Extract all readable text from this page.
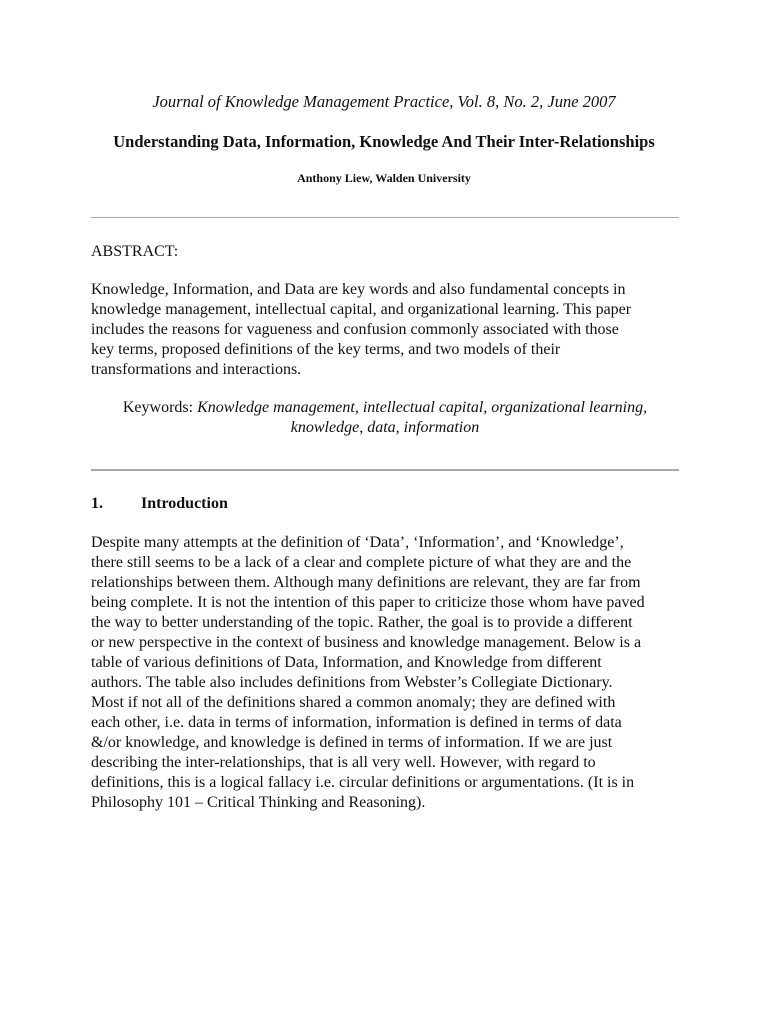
Journal of Knowledge Management Practice, Vol. 8, No. 2, June 2007
Understanding Data, Information, Knowledge And Their Inter-Relationships
Anthony Liew, Walden University
ABSTRACT:
Knowledge, Information, and Data are key words and also fundamental concepts in
knowledge management, intellectual capital, and organizational learning. This paper
includes the reasons for vagueness and confusion commonly associated with those
key terms, proposed definitions of the key terms, and two models of their
transformations and interactions.
Keywords: Knowledge management, intellectual capital, organizational learning,
knowledge, data, information
1. Introduction
Despite many attempts at the definition of ‘Data’, ‘Information’, and ‘Knowledge’,
there still seems to be a lack of a clear and complete picture of what they are and the
relationships between them. Although many definitions are relevant, they are far from
being complete. It is not the intention of this paper to criticize those whom have paved
the way to better understanding of the topic. Rather, the goal is to provide a different
or new perspective in the context of business and knowledge management. Below is a
table of various definitions of Data, Information, and Knowledge from different
authors. The table also includes definitions from Webster’s Collegiate Dictionary.
Most if not all of the definitions shared a common anomaly; they are defined with
each other, i.e. data in terms of information, information is defined in terms of data
&/or knowledge, and knowledge is defined in terms of information. If we are just
describing the inter-relationships, that is all very well. However, with regard to
definitions, this is a logical fallacy i.e. circular definitions or argumentations. (It is in
Philosophy 101 – Critical Thinking and Reasoning).
